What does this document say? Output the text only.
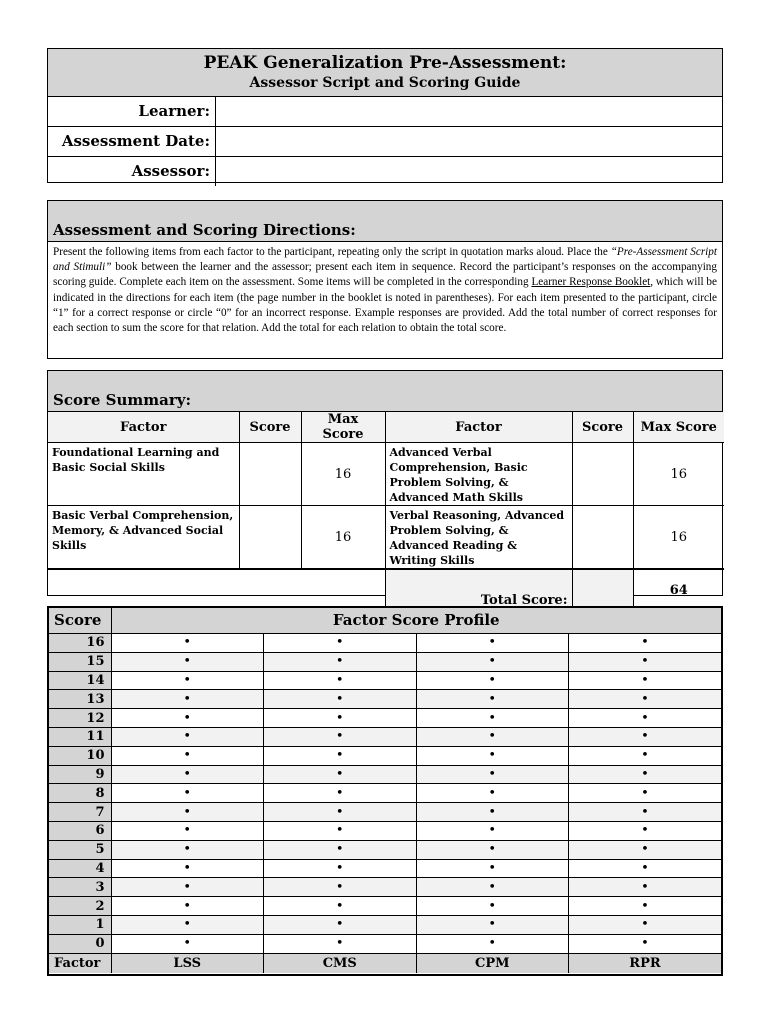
PEAK Generalization Pre-Assessment:
Assessor Script and Scoring Guide
Learner:
Assessment Date:
Assessor:
Assessment and Scoring Directions:
Present the following items from each factor to the participant, repeating only the script in quotation marks aloud. Place the “Pre-Assessment Script and Stimuli” book between the learner and the assessor; present each item in sequence. Record the participant’s responses on the accompanying scoring guide. Complete each item on the assessment. Some items will be completed in the corresponding Learner Response Booklet, which will be indicated in the directions for each item (the page number in the booklet is noted in parentheses). For each item presented to the participant, circle “1” for a correct response or circle “0” for an incorrect response. Example responses are provided. Add the total number of correct responses for each section to sum the score for that relation. Add the total for each relation to obtain the total score.
Score Summary:
Factor	Score	Max Score	Factor	Score	Max Score
Foundational Learning and Basic Social Skills		16	Advanced Verbal Comprehension, Basic Problem Solving, & Advanced Math Skills		16
Basic Verbal Comprehension, Memory, & Advanced Social Skills		16	Verbal Reasoning, Advanced Problem Solving, & Advanced Reading & Writing Skills		16
			Total Score:		64
Score	Factor Score Profile			
16	•	•	•	•
15	•	•	•	•
14	•	•	•	•
13	•	•	•	•
12	•	•	•	•
11	•	•	•	•
10	•	•	•	•
9	•	•	•	•
8	•	•	•	•
7	•	•	•	•
6	•	•	•	•
5	•	•	•	•
4	•	•	•	•
3	•	•	•	•
2	•	•	•	•
1	•	•	•	•
0	•	•	•	•
Factor	LSS	CMS	CPM	RPR
